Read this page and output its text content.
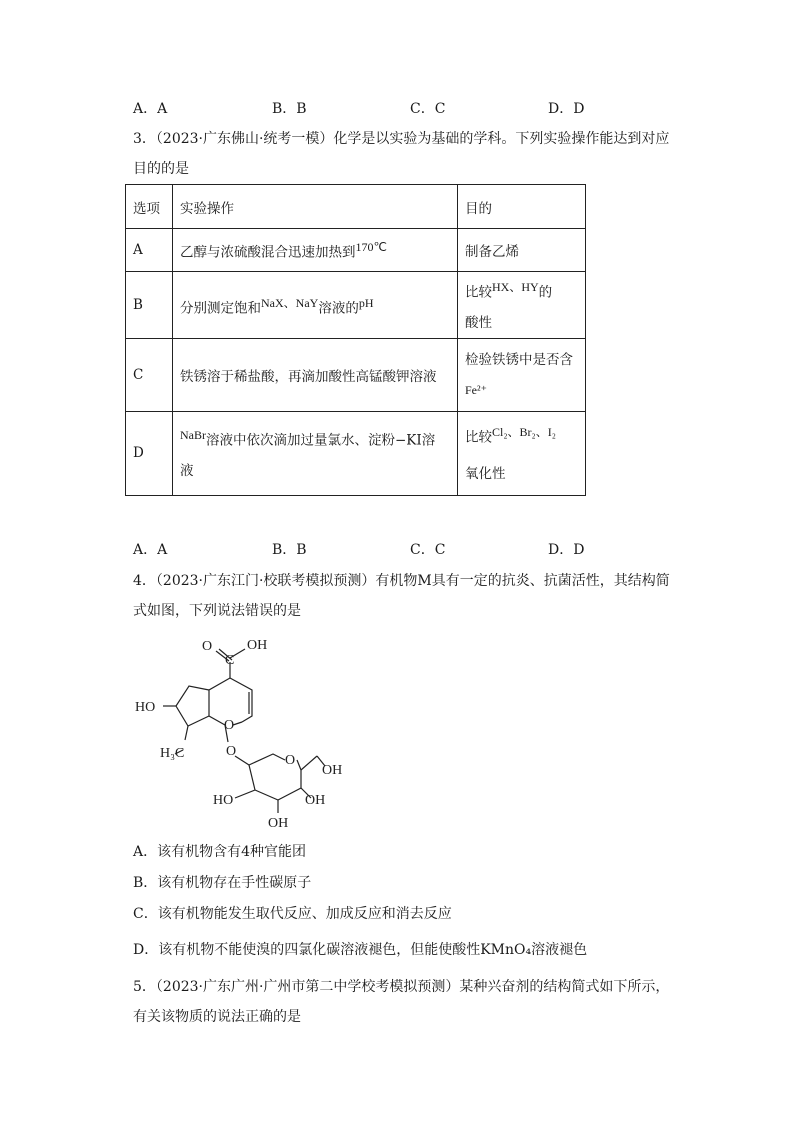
A．A	B．B	C．C	D．D
3．（2023·广东佛山·统考一模）化学是以实验为基础的学科。下列实验操作能达到对应
目的的是
选项	实验操作	目的
A	乙醇与浓硫酸混合迅速加热到$^{170℃}$	制备乙烯
B	分别测定饱和$^{NaX、NaY}$溶液的$^{pH}$	比较$^{HX、HY}$的
酸性
C	铁锈溶于稀盐酸，再滴加酸性高锰酸钾溶液	检验铁锈中是否含
Fe²⁺
D	$^{NaBr}$溶液中依次滴加过量氯水、淀粉−KI溶
液	比较$^{Cl_2、Br_2、I_2}$
氧化性
A．A	B．B	C．C	D．D
4．（2023·广东江门·校联考模拟预测）有机物M具有一定的抗炎、抗菌活性，其结构简
式如图，下列说法错误的是
O
C
OH
HO
O
H₃C	O
O
OH
HO	OH
OH
A．该有机物含有4种官能团
B．该有机物存在手性碳原子
C．该有机物能发生取代反应、加成反应和消去反应
D．该有机物不能使溴的四氯化碳溶液褪色，但能使酸性KMnO₄溶液褪色
5．（2023·广东广州·广州市第二中学校考模拟预测）某种兴奋剂的结构简式如下所示，
有关该物质的说法正确的是
